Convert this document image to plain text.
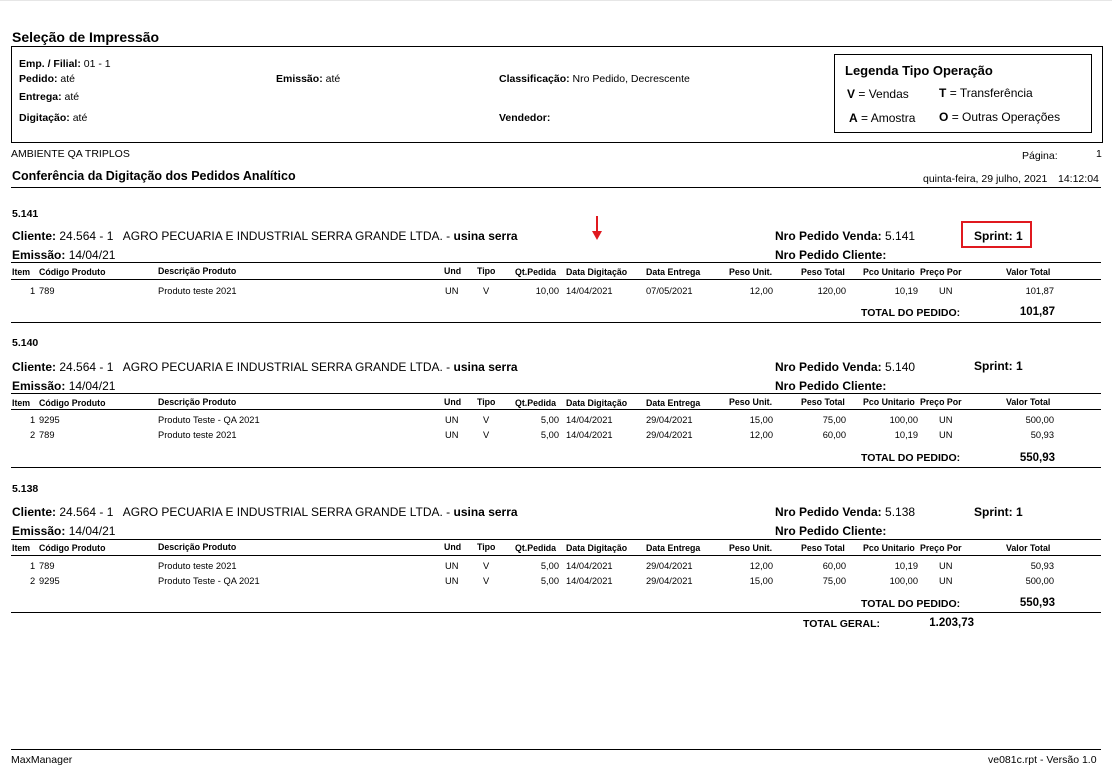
Seleção de Impressão
Emp. / Filial: 01 - 1
Pedido: até
Entrega: até
Digitação: até
Emissão: até	Classificação: Nro Pedido, Decrescente
Vendedor:
Legenda Tipo Operação
V = Vendas	T = Transferência
A = Amostra O = Outras Operações
AMBIENTE QA TRIPLOS	Página:	1
Conferência da Digitação dos Pedidos Analítico	quinta-feira, 29 julho, 2021 14:12:04
5.141
Cliente: 24.564 - 1 AGRO PECUARIA E INDUSTRIAL SERRA GRANDE LTDA. - usina serra	Nro Pedido Venda: 5.141	Sprint: 1
Emissão: 14/04/21	Nro Pedido Cliente:
Item Código Produto	Descrição Produto	Und Tipo Qt.Pedida Data Digitação Data Entrega	Peso Unit.	Peso Total Pco Unitario Preço Por	Valor Total
1 789	Produto teste 2021	UN	V	10,00 14/04/2021	07/05/2021	12,00	120,00	10,19 UN	101,87
TOTAL DO PEDIDO:	101,87
5.140
Cliente: 24.564 - 1 AGRO PECUARIA E INDUSTRIAL SERRA GRANDE LTDA. - usina serra	Nro Pedido Venda: 5.140	Sprint: 1
Emissão: 14/04/21	Nro Pedido Cliente:
Item Código Produto	Descrição Produto	Und Tipo Qt.Pedida Data Digitação Data Entrega	Peso Unit.	Peso Total Pco Unitario Preço Por	Valor Total
1 9295	Produto Teste - QA 2021	UN	V	5,00 14/04/2021	29/04/2021	15,00	75,00	100,00 UN	500,00
2 789	Produto teste 2021	UN	V	5,00 14/04/2021	29/04/2021	12,00	60,00	10,19 UN	50,93
TOTAL DO PEDIDO:	550,93
5.138
Cliente: 24.564 - 1 AGRO PECUARIA E INDUSTRIAL SERRA GRANDE LTDA. - usina serra	Nro Pedido Venda: 5.138	Sprint: 1
Emissão: 14/04/21	Nro Pedido Cliente:
Item Código Produto	Descrição Produto	Und Tipo Qt.Pedida Data Digitação Data Entrega	Peso Unit.	Peso Total Pco Unitario Preço Por	Valor Total
1 789	Produto teste 2021	UN	V	5,00 14/04/2021	29/04/2021	12,00	60,00	10,19 UN	50,93
2 9295	Produto Teste - QA 2021	UN	V	5,00 14/04/2021	29/04/2021	15,00	75,00	100,00 UN	500,00
TOTAL DO PEDIDO:	550,93
TOTAL GERAL:	1.203,73
MaxManager	ve081c.rpt - Versão 1.0
